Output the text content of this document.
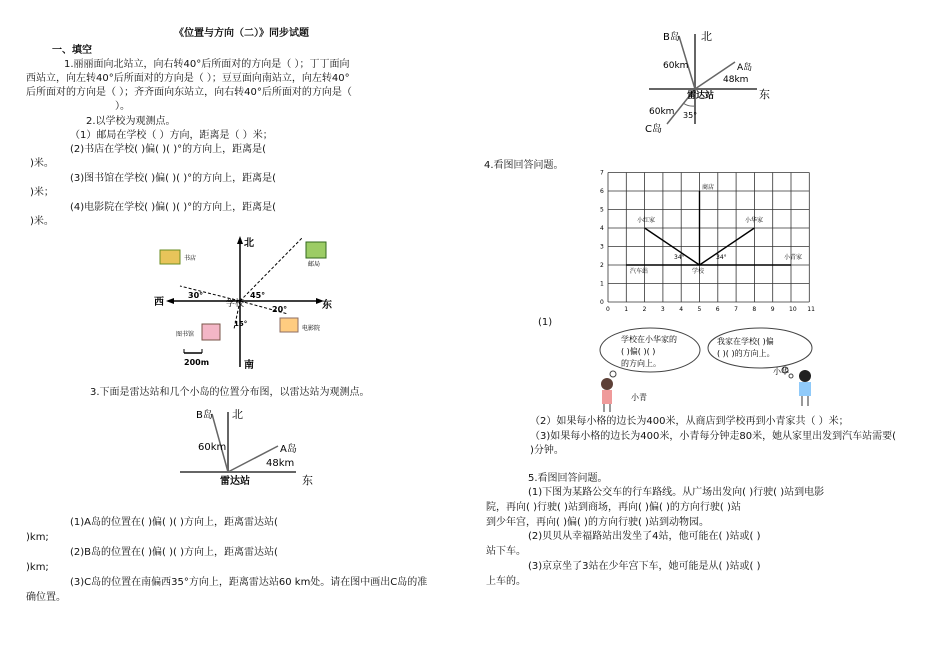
《位置与方向（二）》同步试题
一、填空
1.丽丽面向北站立，向右转40°后所面对的方向是（ ）；丁丁面向
西站立，向左转40°后所面对的方向是（ ）；豆豆面向南站立，向左转40°
后所面对的方向是（ ）；齐齐面向东站立，向右转40°后所面对的方向是（
）。
2.以学校为观测点。
（1）邮局在学校（ ）方向，距离是（ ）米；
(2)书店在学校( )偏( )( )°的方向上，距离是(
)米。
(3)图书馆在学校( )偏( )( )°的方向上，距离是(
)米；
(4)电影院在学校( )偏( )( )°的方向上，距离是(
)米。
北
南
东
西	学校
30°	45°
20°
15°
书店
邮局
图书馆
电影院
200m
3.下面是雷达站和几个小岛的位置分布图，以雷达站为观测点。
B岛 北
60km	A岛
48km
雷达站	东
(1)A岛的位置在( )偏( )( )方向上，距离雷达站(
)km;
(2)B岛的位置在( )偏( )( )方向上，距离雷达站(
)km;
(3)C岛的位置在南偏西35°方向上，距离雷达站60 km处。请在图中画出C岛的准
确位置。
B岛 北
60km	A岛
48km
雷达站	东
60km 35°
C岛
4.看图回答问题。
0 1 2 3 4 5 6 7 8 9 10 11
0
1
2
3
4
5
6
7
商店
小红家	小华家
汽车站	学校
小青家
34°	34°
(1)
学校在小华家的
( )偏( )( )
的方向上。
我家在学校( )偏
( )( )的方向上。
小青
小华
（2）如果每小格的边长为400米，从商店到学校再到小青家共（ ）米；
（3)如果每小格的边长为400米，小青每分钟走80米，她从家里出发到汽车站需要(
)分钟。
5.看图回答问题。
(1)下图为某路公交车的行车路线。从广场出发向( )行驶( )站到电影
院，再向( )行驶( )站到商场，再向( )偏( )的方向行驶( )站
到少年宫，再向( )偏( )的方向行驶( )站到动物园。
(2)贝贝从幸福路站出发坐了4站，他可能在( )站或( )
站下车。
(3)京京坐了3站在少年宫下车，她可能是从( )站或( )
上车的。
